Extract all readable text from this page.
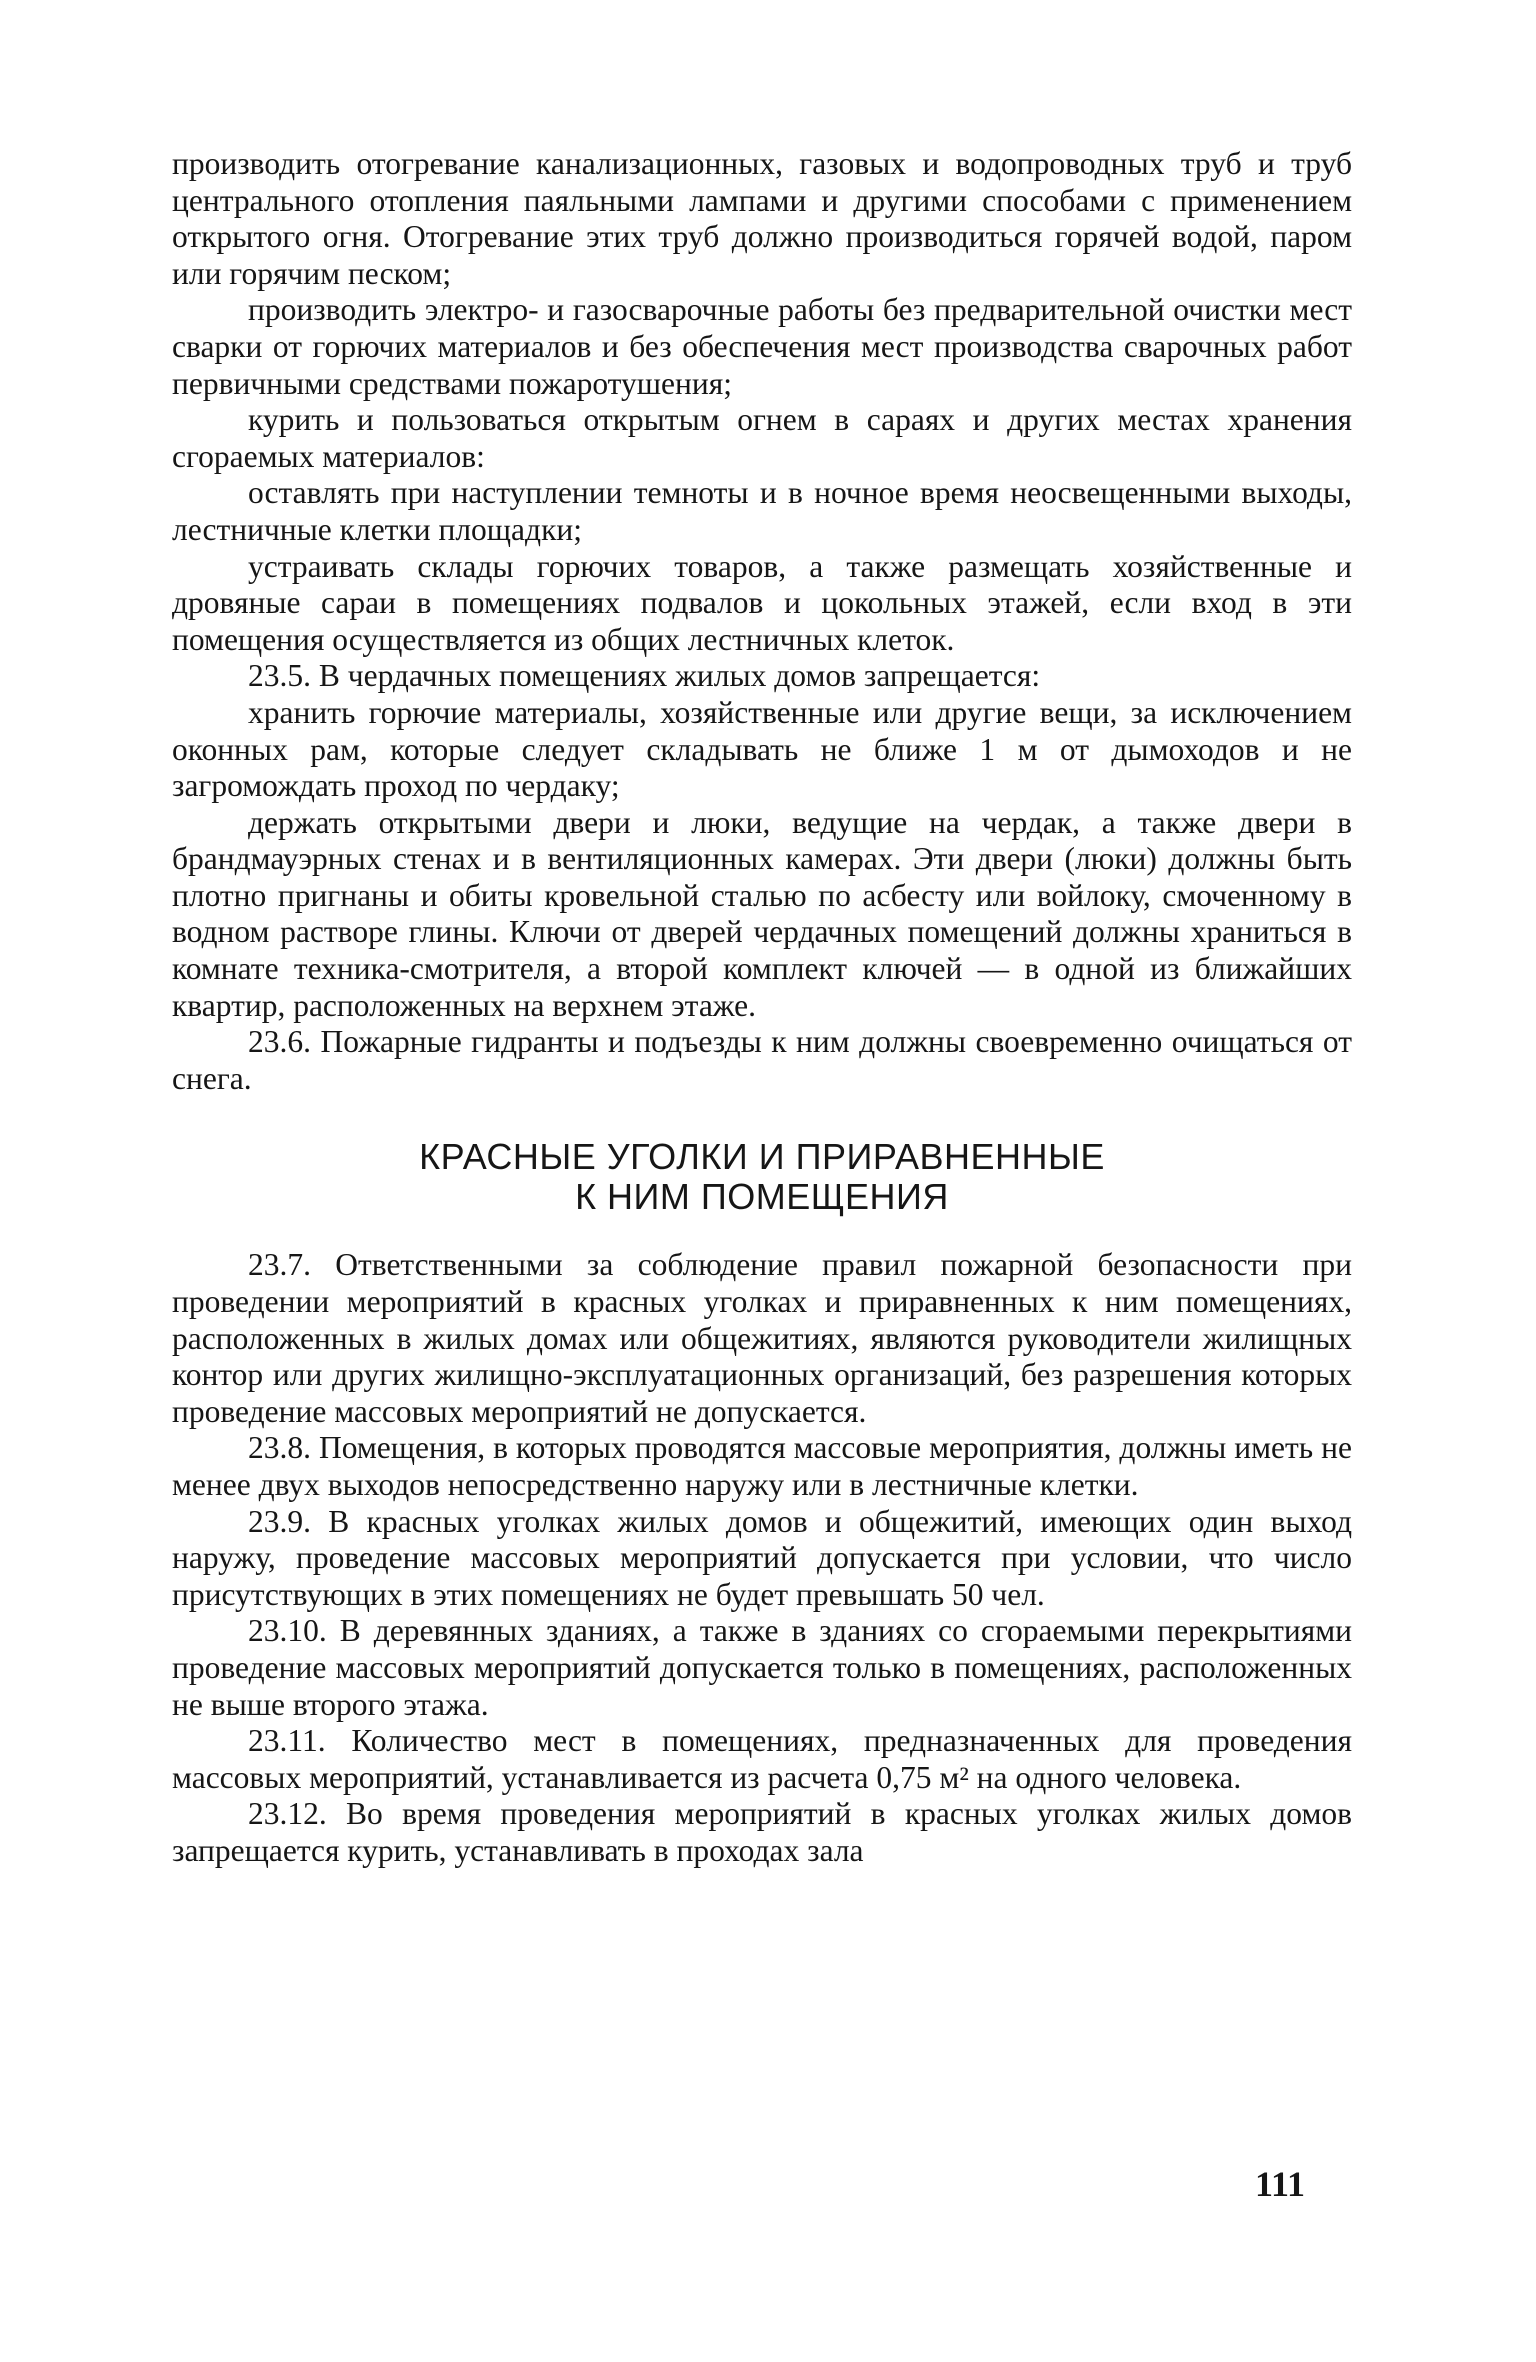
производить отогревание канализационных, газовых и водопроводных труб и труб центрального отопления паяльными лампами и другими способами с применением открытого огня. Отогревание этих труб должно производиться горячей водой, паром или горячим песком;

производить электро- и газосварочные работы без предварительной очистки мест сварки от горючих материалов и без обеспечения мест производства сварочных работ первичными средствами пожаротушения;

курить и пользоваться открытым огнем в сараях и других местах хранения сгораемых материалов:

оставлять при наступлении темноты и в ночное время неосвещенными выходы, лестничные клетки площадки;

устраивать склады горючих товаров, а также размещать хозяйственные и дровяные сараи в помещениях подвалов и цокольных этажей, если вход в эти помещения осуществляется из общих лестничных клеток.

23.5. В чердачных помещениях жилых домов запрещается:

хранить горючие материалы, хозяйственные или другие вещи, за исключением оконных рам, которые следует складывать не ближе 1 м от дымоходов и не загромождать проход по чердаку;

держать открытыми двери и люки, ведущие на чердак, а также двери в брандмауэрных стенах и в вентиляционных камерах. Эти двери (люки) должны быть плотно пригнаны и обиты кровельной сталью по асбесту или войлоку, смоченному в водном растворе глины. Ключи от дверей чердачных помещений должны храниться в комнате техника-смотрителя, а второй комплект ключей — в одной из ближайших квартир, расположенных на верхнем этаже.

23.6. Пожарные гидранты и подъезды к ним должны своевременно очищаться от снега.

КРАСНЫЕ УГОЛКИ И ПРИРАВНЕННЫЕ
К НИМ ПОМЕЩЕНИЯ

23.7. Ответственными за соблюдение правил пожарной безопасности при проведении мероприятий в красных уголках и приравненных к ним помещениях, расположенных в жилых домах или общежитиях, являются руководители жилищных контор или других жилищно-эксплуатационных организаций, без разрешения которых проведение массовых мероприятий не допускается.

23.8. Помещения, в которых проводятся массовые мероприятия, должны иметь не менее двух выходов непосредственно наружу или в лестничные клетки.

23.9. В красных уголках жилых домов и общежитий, имеющих один выход наружу, проведение массовых мероприятий допускается при условии, что число присутствующих в этих помещениях не будет превышать 50 чел.

23.10. В деревянных зданиях, а также в зданиях со сгораемыми перекрытиями проведение массовых мероприятий допускается только в помещениях, расположенных не выше второго этажа.

23.11. Количество мест в помещениях, предназначенных для проведения массовых мероприятий, устанавливается из расчета 0,75 м² на одного человека.

23.12. Во время проведения мероприятий в красных уголках жилых домов запрещается курить, устанавливать в проходах зала

111
